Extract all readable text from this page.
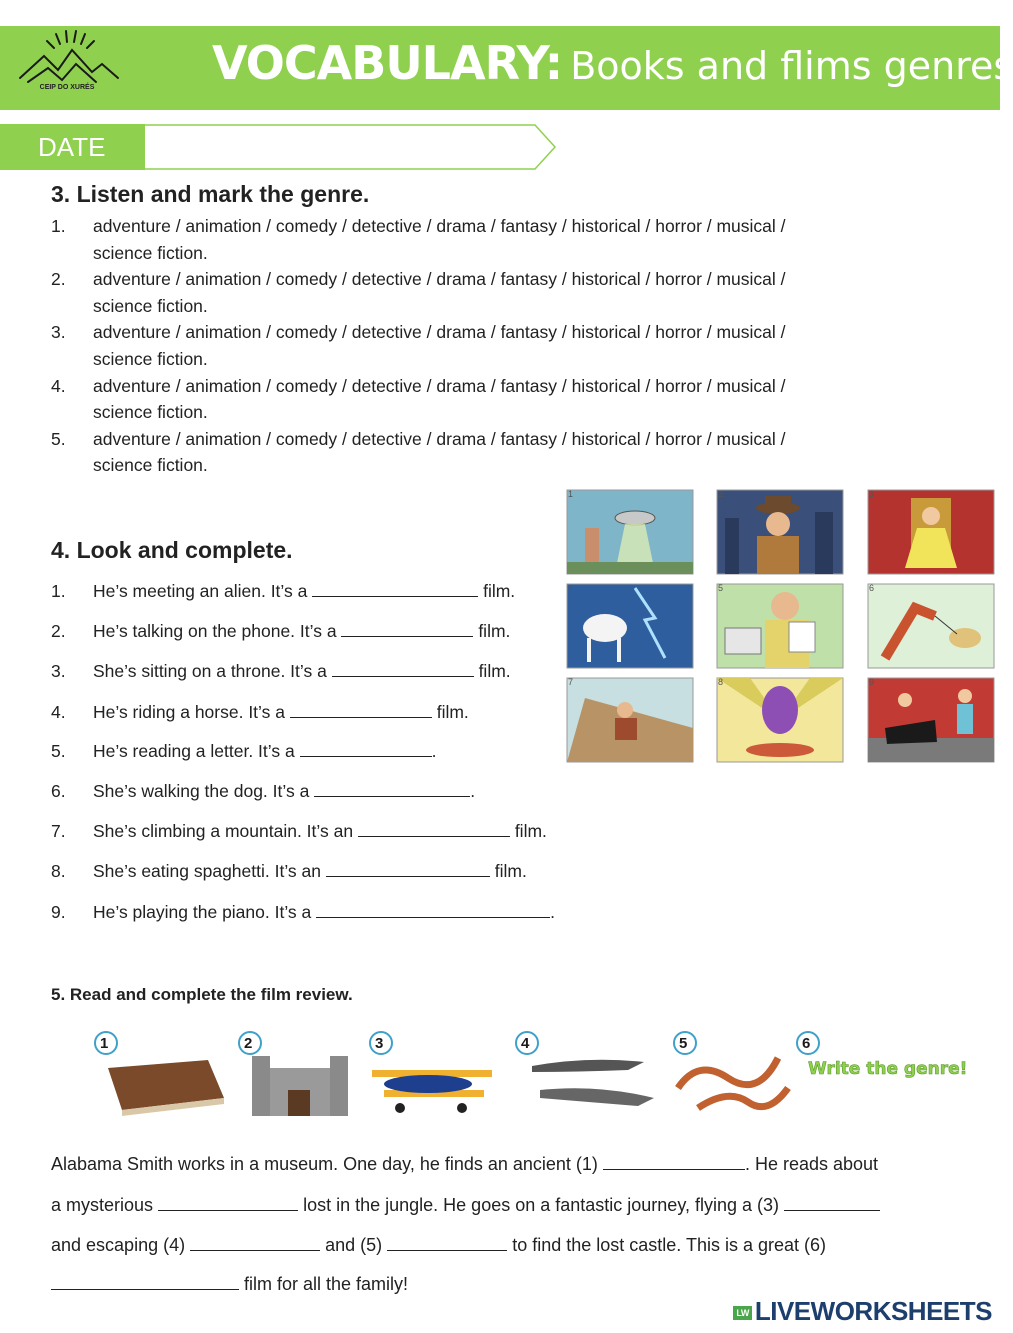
CEIP DO XURÉS	VOCABULARY: Books and flims genres
DATE
3. Listen and mark the genre.
1. adventure / animation / comedy / detective / drama / fantasy / historical / horror / musical /
science fiction.
2. adventure / animation / comedy / detective / drama / fantasy / historical / horror / musical /
science fiction.
3. adventure / animation / comedy / detective / drama / fantasy / historical / horror / musical /
science fiction.
4. adventure / animation / comedy / detective / drama / fantasy / historical / horror / musical /
science fiction.
5. adventure / animation / comedy / detective / drama / fantasy / historical / horror / musical /
science fiction.
1	2	3
4	5	6
7	8	9
4. Look and complete.
1. He’s meeting an alien. It’s a	film.
2. He’s talking on the phone. It’s a	film.
3. She’s sitting on a throne. It’s a	film.
4. He’s riding a horse. It’s a	film.
5. He’s reading a letter. It’s a	.
6. She’s walking the dog. It’s a	.
7. She’s climbing a mountain. It’s an	film.
8. She’s eating spaghetti. It’s an	film.
9. He’s playing the piano. It’s a	.
5. Read and complete the film review.
1	2	3	4	5	6
Write the genre!
Alabama Smith works in a museum. One day, he finds an ancient (1)	. He reads about
a mysterious	lost in the jungle. He goes on a fantastic journey, flying a (3)
and escaping (4)	and (5)	to find the lost castle. This is a great (6)
film for all the family!
LW LIVEWORKSHEETS
